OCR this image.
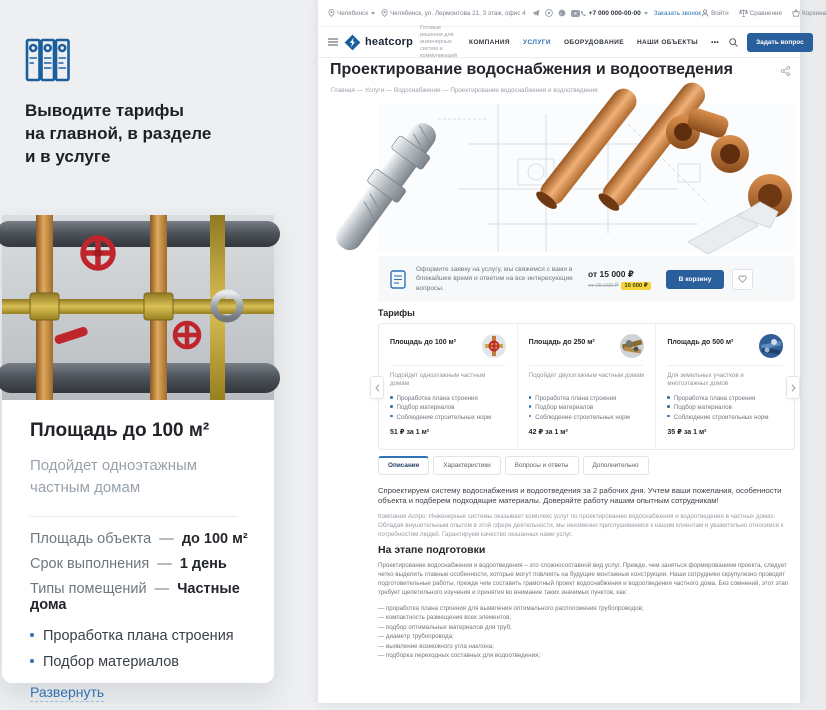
Выводите тарифы
на главной, в разделе
и в услуге
Площадь до 100 м²
Подойдет одноэтажным частным домам
Площадь объекта — до 100 м²
Срок выполнения — 1 день
Типы помещений — Частные дома
Проработка плана строения
Подбор материалов
Развернуть
Челябинск	Челябинск, ул. Лермонтова 21, 3 этаж, офис 4	+7 000 000-00-00 Заказать звонок Войти	Сравнение	Корзина
heatcorp
Готовые решения для инженерных
систем и коммуникаций
КОМПАНИЯ УСЛУГИ ОБОРУДОВАНИЕ НАШИ ОБЪЕКТЫ •••	Задать вопрос
Проектирование водоснабжения и водоотведения
Главная — Услуги — Водоснабжение — Проектирование водоснабжения и водоотведения
Оформите заявку на услугу, мы свяжемся с вами в ближайшее время и ответим на все интересующие вопросы.
от 15 000 ₽
от 25 000 ₽	10 000 ₽
В корзину
Тарифы
Площадь до 100 м²
Подойдет одноэтажным частным домам
Проработка плана строения
Подбор материалов
Соблюдение строительных норм
51 ₽ за 1 м²
Площадь до 250 м²
Подойдет двухэтажным частным домам
Проработка плана строения
Подбор материалов
Соблюдение строительных норм
42 ₽ за 1 м²
Площадь до 500 м²
Для земельных участков и многоэтажных домов
Проработка плана строения
Подбор материалов
Соблюдение строительных норм
35 ₽ за 1 м²
Описание	Характеристики	Вопросы и ответы	Дополнительно
Спроектируем систему водоснабжения и водоотведения за 2 рабочих дня. Учтем ваши пожелания, особенности объекта и подберем подходящие материалы. Доверяйте работу нашим опытным сотрудникам!
Компания Аспро: Инженерные системы оказывает комплекс услуг по проектированию водоснабжения и водоотведения в частных домах. Обладая внушительным опытом в этой сфере деятельности, мы неизменно прислушиваемся к нашим клиентам и уважительно относимся к потребностям людей. Гарантируем качество оказанных нами услуг.
На этапе подготовки
Проектирование водоснабжения и водоотведения – это сложносоставной вид услуг. Прежде, чем заняться формированием проекта, следует четко выделить главные особенности, которые могут повлиять на будущие монтажные конструкции. Наши сотрудники скрупулезно проводят подготовительные работы, прежде чем составить грамотный проект водоснабжения и водоотведения частного дома. Без сомнений, этот этап требует щепетильного изучения и принятия во внимание таких значимых пунктов, как:
— проработка плана строения для выявления оптимального расположения трубопроводов;
— компактность размещения всех элементов;
— подбор оптимальных материалов для труб;
— диаметр трубопровода;
— выявление возможного угла наклона;
— подборка переходных составных для водоотведения;
